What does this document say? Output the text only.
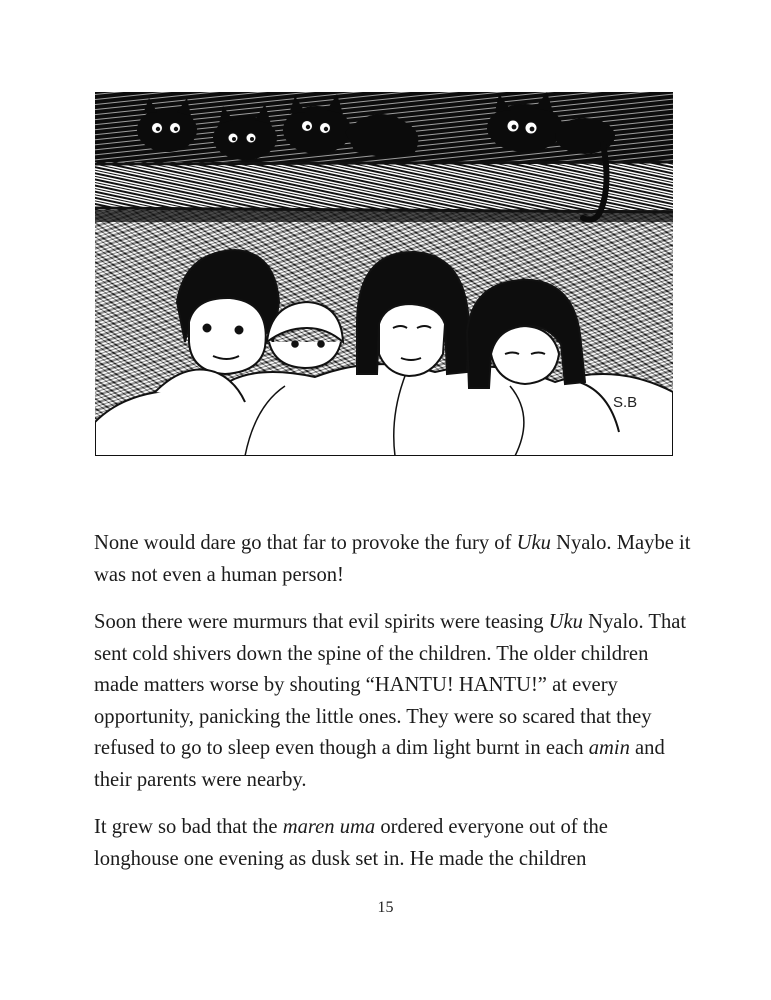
S.B

None would dare go that far to provoke the fury of Uku Nyalo. Maybe it was not even a human person!

Soon there were murmurs that evil spirits were teasing Uku Nyalo. That sent cold shivers down the spine of the children. The older children made matters worse by shouting “HANTU! HANTU!” at every opportunity, panicking the little ones. They were so scared that they refused to go to sleep even though a dim light burnt in each amin and their parents were nearby.

It grew so bad that the maren uma ordered everyone out of the longhouse one evening as dusk set in. He made the children

15
